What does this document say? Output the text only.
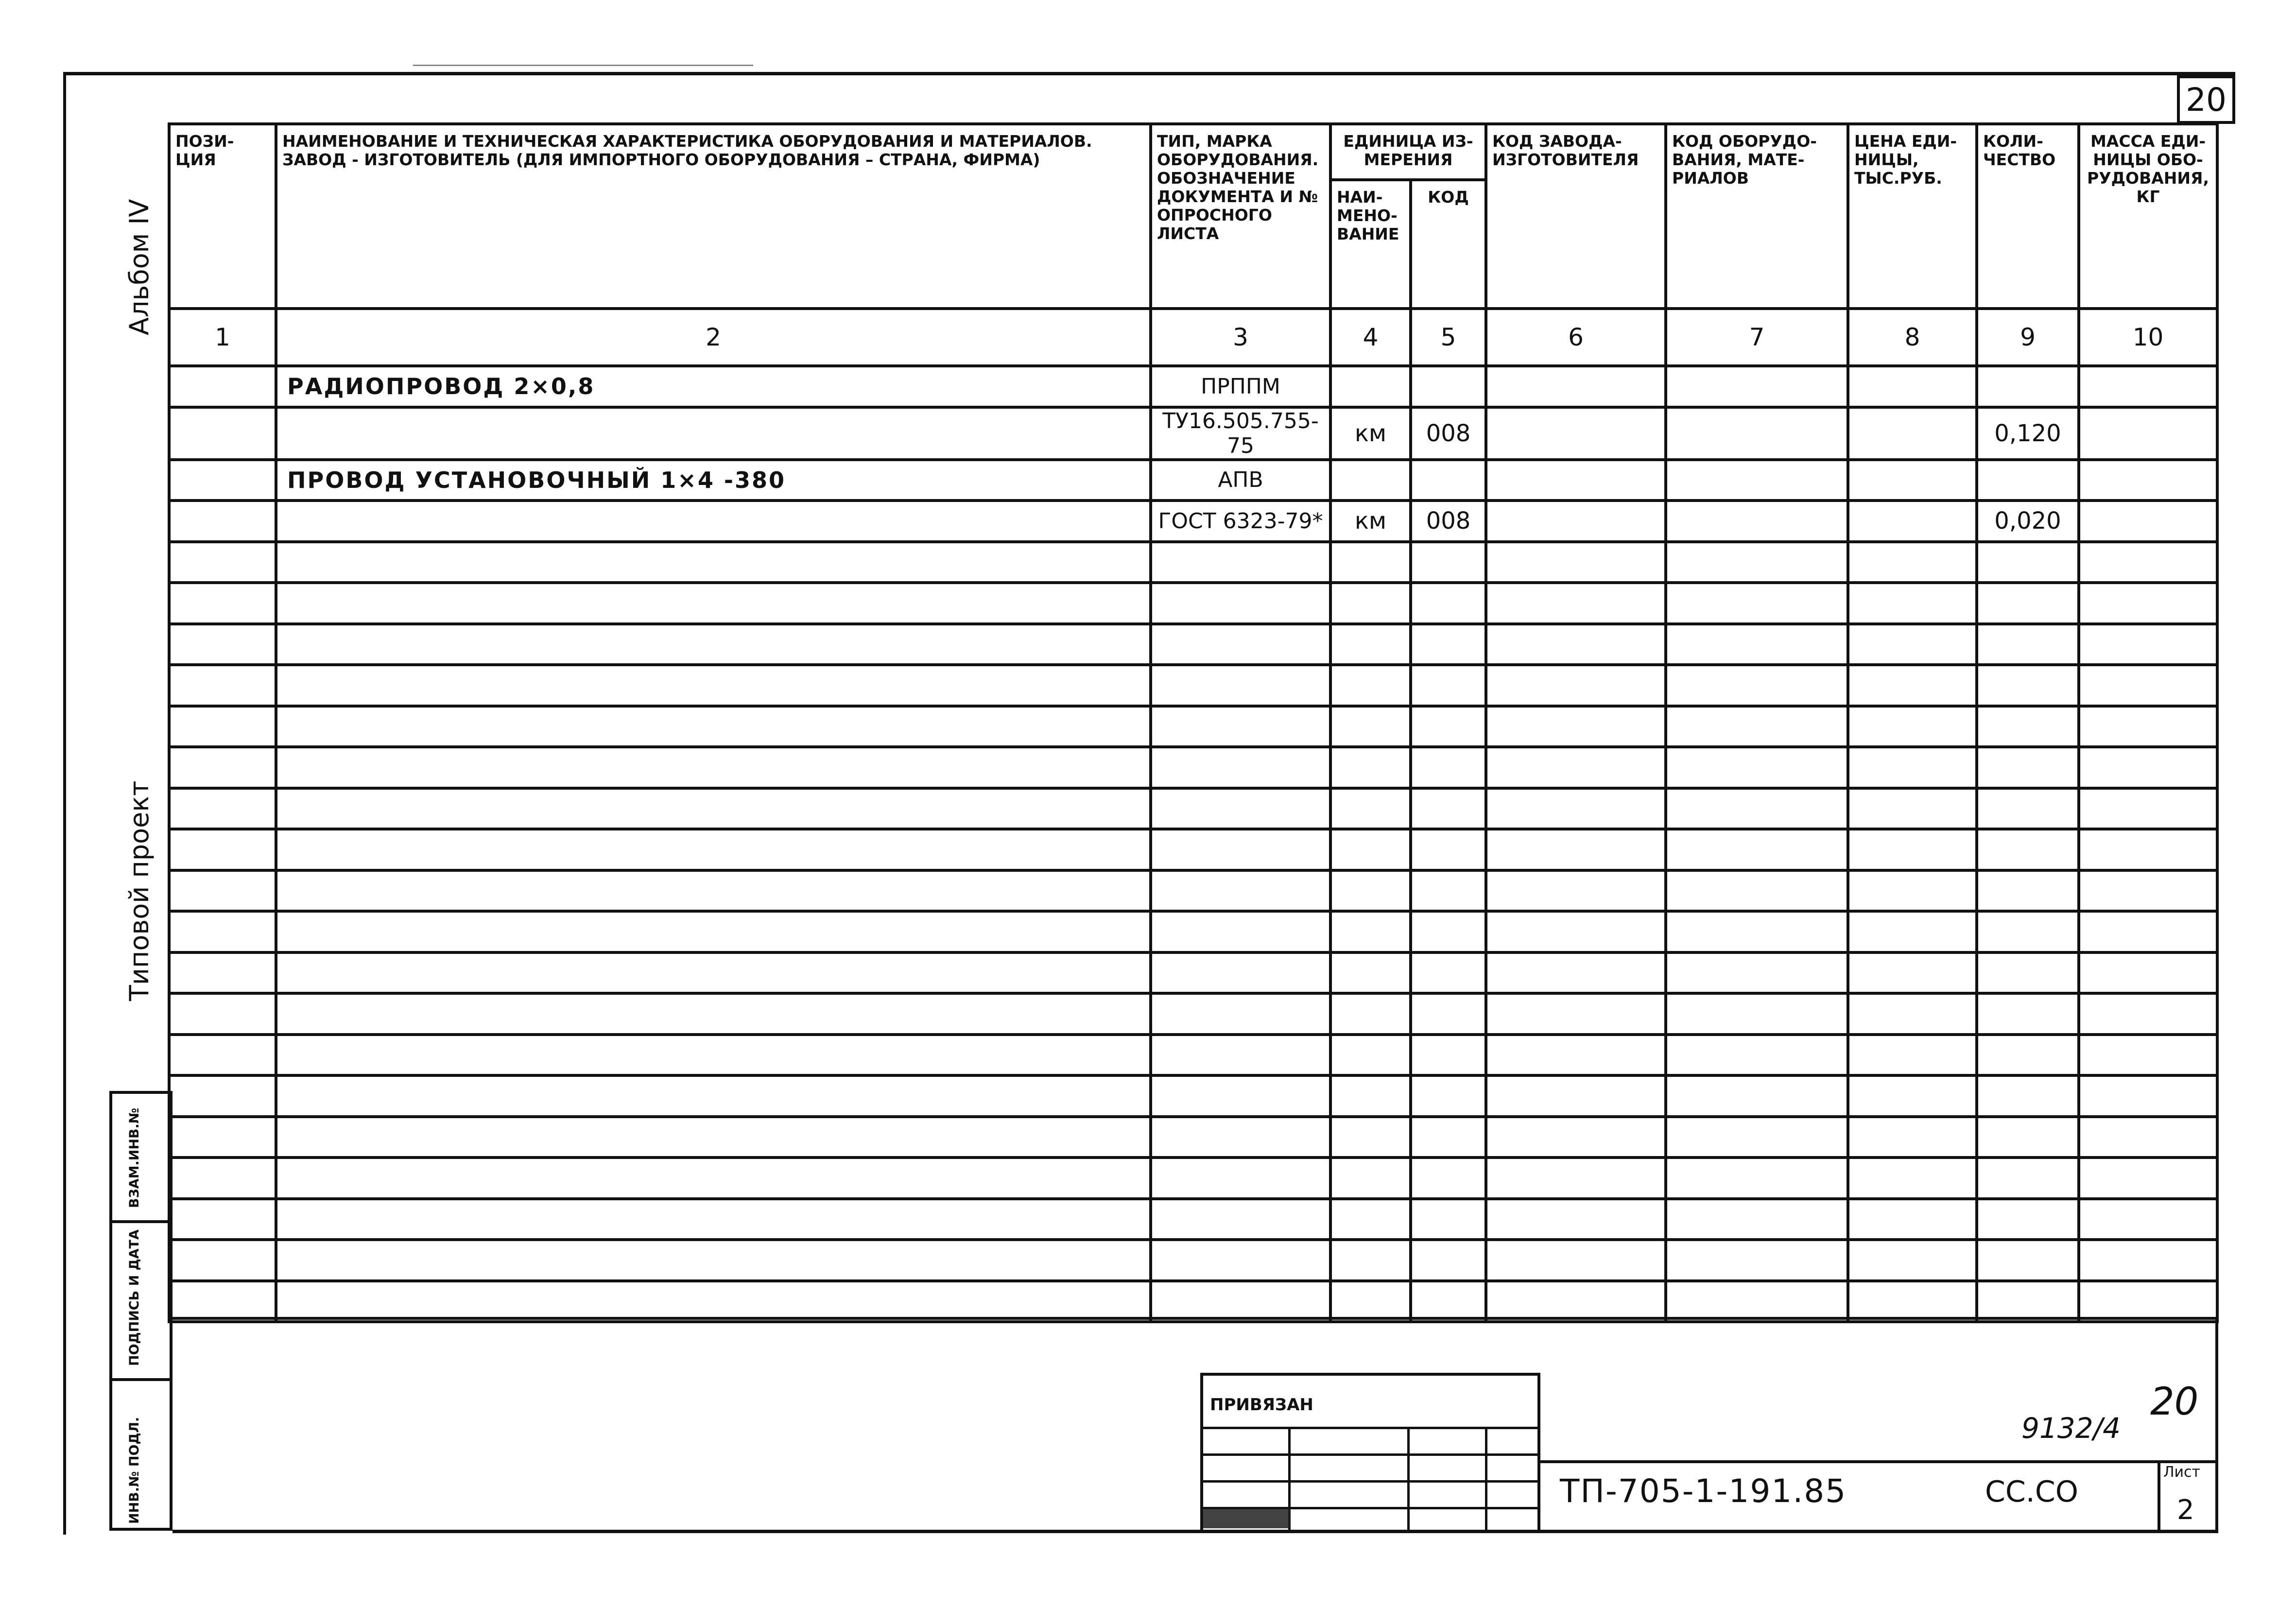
20
Альбом IV
Типовой проект
ПОЗИ-ЦИЯ	НАИМЕНОВАНИЕ И ТЕХНИЧЕСКАЯ ХАРАКТЕРИСТИКА ОБОРУДОВАНИЯ И МАТЕРИАЛОВ. ЗАВОД - ИЗГОТОВИТЕЛЬ (ДЛЯ ИМПОРТНОГО ОБОРУДОВАНИЯ – СТРАНА, ФИРМА)	ТИП, МАРКА ОБОРУДОВАНИЯ. ОБОЗНАЧЕНИЕ ДОКУМЕНТА И № ОПРОСНОГО ЛИСТА	ЕДИНИЦА ИЗ-МЕРЕНИЯ		КОД ЗАВОДА-ИЗГОТОВИТЕЛЯ	КОД ОБОРУДО-ВАНИЯ, МАТЕ-РИАЛОВ	ЦЕНА ЕДИ-НИЦЫ, ТЫС.РУБ.	КОЛИ-ЧЕСТВО	МАССА ЕДИ-НИЦЫ ОБО-РУДОВАНИЯ, КГ
			НАИ-МЕНО-ВАНИЕ	КОД					
1	2	3	4	5	6	7	8	9	10
	РАДИОПРОВОД 2×0,8	ПРППМ							
		ТУ16.505.755-75	км	008				0,120	
	ПРОВОД УСТАНОВОЧНЫЙ 1×4 -380	АПВ							
		ГОСТ 6323-79*	км	008				0,020	

ВЗАМ.ИНВ.№
ПОДПИСЬ И ДАТА
ИНВ.№ ПОДЛ.
ПРИВЯЗАН	20
9132/4
ТП-705-1-191.85	СС.СО
Лист
2
